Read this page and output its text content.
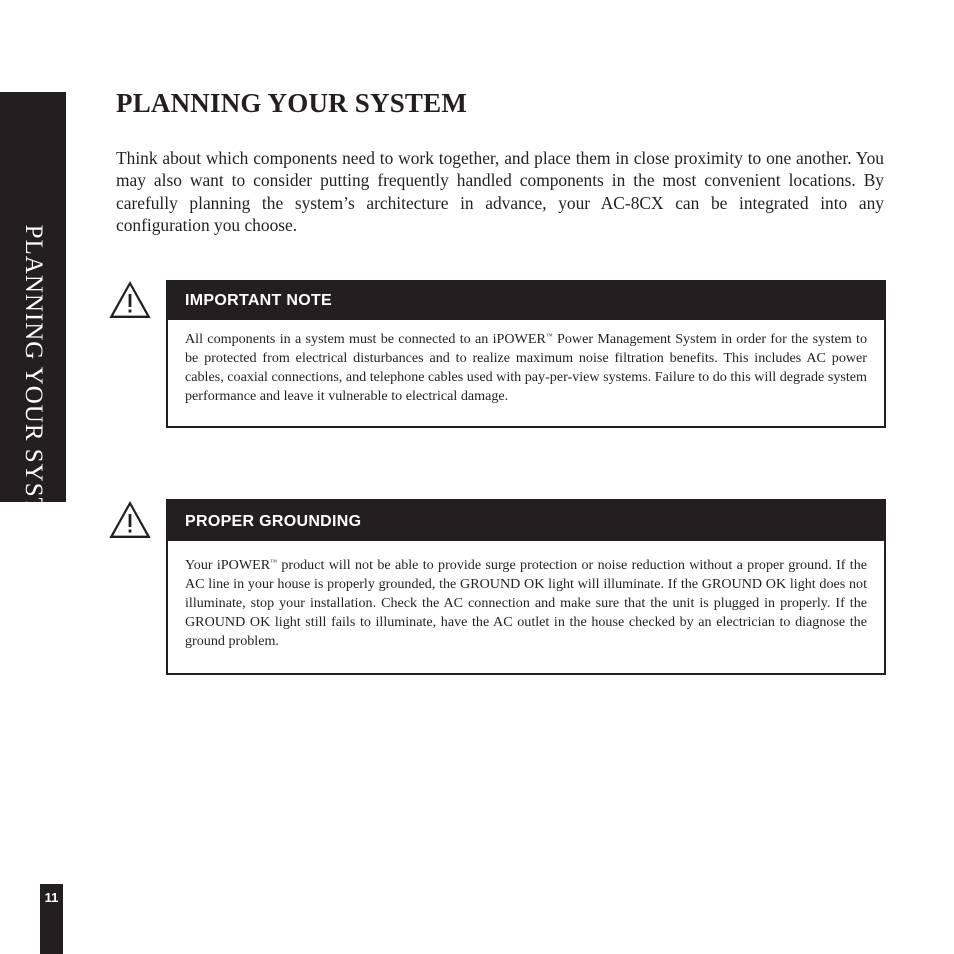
PLANNING YOUR SYSTEM
PLANNING YOUR SYSTEM

Think about which components need to work together, and place them in close proximity to one another. You may also want to consider putting frequently handled components in the most convenient locations. By carefully planning the system’s architecture in advance, your AC-8CX can be integrated into any configuration you choose.

IMPORTANT NOTE

All components in a system must be connected to an iPOWER™ Power Management System in order for the system to be protected from electrical disturbances and to realize maximum noise filtration benefits. This includes AC power cables, coaxial connections, and telephone cables used with pay-per-view systems. Failure to do this will degrade system performance and leave it vulnerable to electrical damage.

PROPER GROUNDING

Your iPOWER™ product will not be able to provide surge protection or noise reduction without a proper ground. If the AC line in your house is properly grounded, the GROUND OK light will illuminate. If the GROUND OK light does not illuminate, stop your installation. Check the AC connection and make sure that the unit is plugged in properly. If the GROUND OK light still fails to illuminate, have the AC outlet in the house checked by an electrician to diagnose the ground problem.

11
